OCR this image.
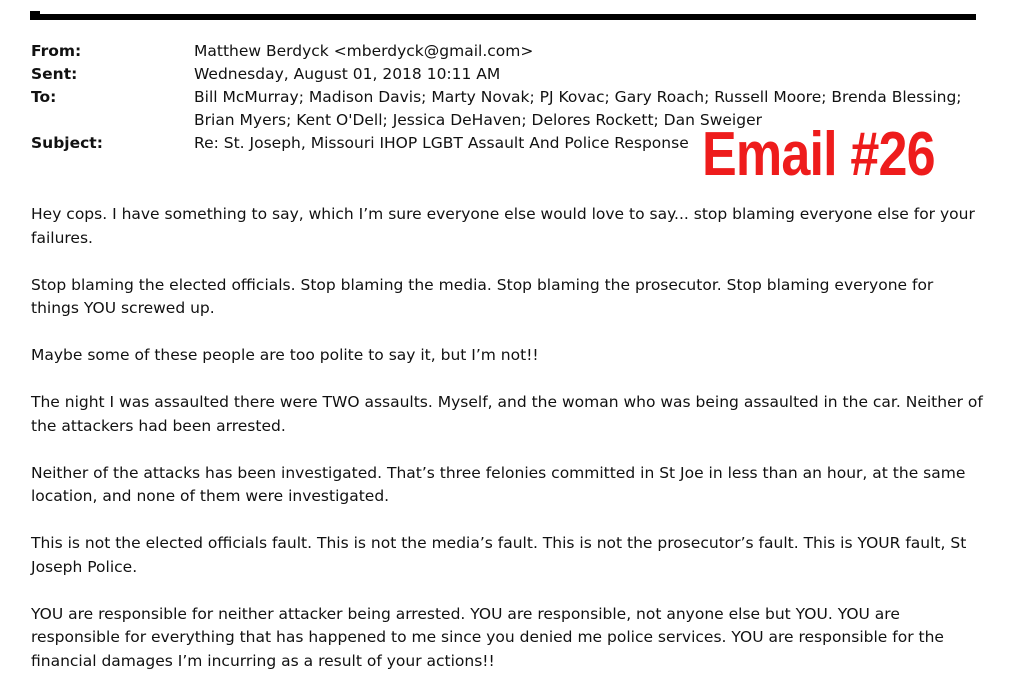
From:	Matthew Berdyck <mberdyck@gmail.com>
Sent:	Wednesday, August 01, 2018 10:11 AM
To:	Bill McMurray; Madison Davis; Marty Novak; PJ Kovac; Gary Roach; Russell Moore; Brenda Blessing; Brian Myers; Kent O'Dell; Jessica DeHaven; Delores Rockett; Dan Sweiger
Subject:	Re: St. Joseph, Missouri IHOP LGBT Assault And Police Response Email #26

Hey cops. I have something to say, which I’m sure everyone else would love to say... stop blaming everyone else for your failures.

Stop blaming the elected officials. Stop blaming the media. Stop blaming the prosecutor. Stop blaming everyone for things YOU screwed up.

Maybe some of these people are too polite to say it, but I’m not!!

The night I was assaulted there were TWO assaults. Myself, and the woman who was being assaulted in the car. Neither of the attackers had been arrested.

Neither of the attacks has been investigated. That’s three felonies committed in St Joe in less than an hour, at the same location, and none of them were investigated.

This is not the elected officials fault. This is not the media’s fault. This is not the prosecutor’s fault. This is YOUR fault, St Joseph Police.

YOU are responsible for neither attacker being arrested. YOU are responsible, not anyone else but YOU. YOU are responsible for everything that has happened to me since you denied me police services. YOU are responsible for the financial damages I’m incurring as a result of your actions!!
